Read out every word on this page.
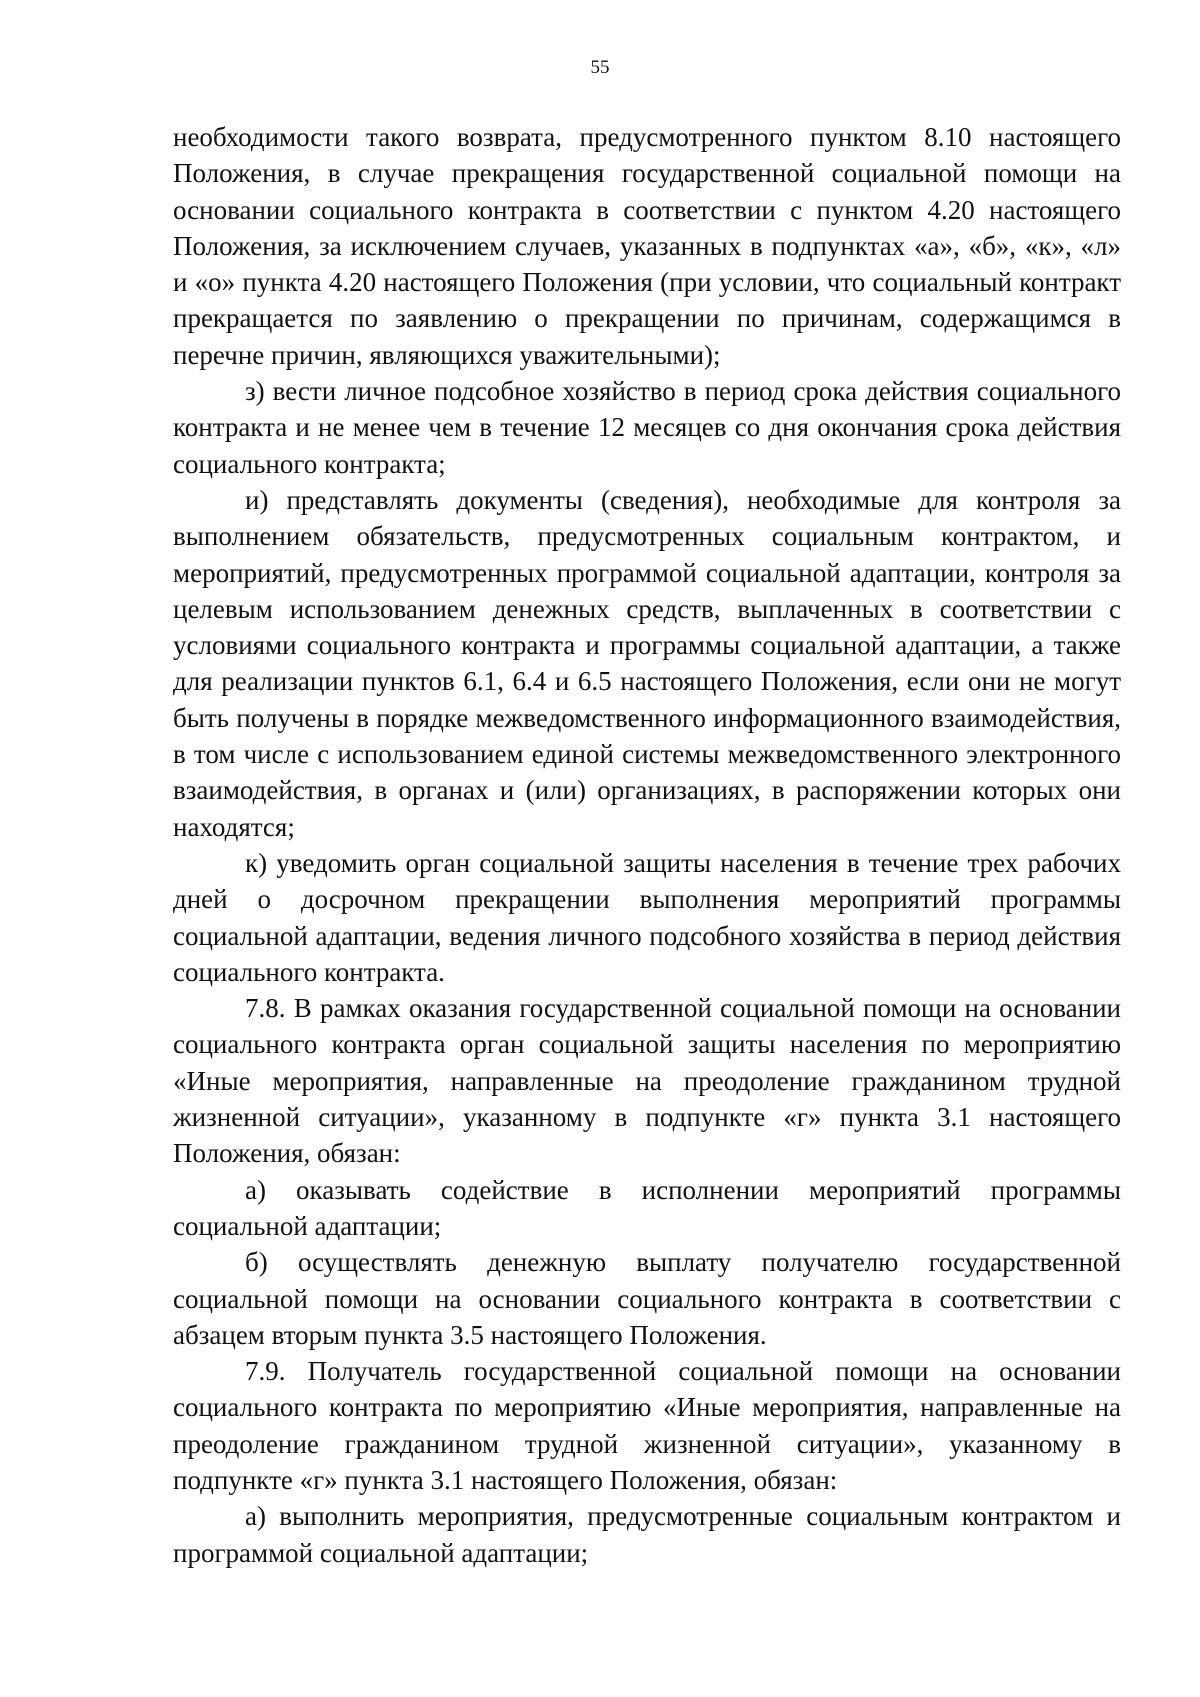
55

необходимости такого возврата, предусмотренного пунктом 8.10 настоящего Положения, в случае прекращения государственной социальной помощи на основании социального контракта в соответствии с пунктом 4.20 настоящего Положения, за исключением случаев, указанных в подпунктах «а», «б», «к», «л» и «о» пункта 4.20 настоящего Положения (при условии, что социальный контракт прекращается по заявлению о прекращении по причинам, содержащимся в перечне причин, являющихся уважительными);

з) вести личное подсобное хозяйство в период срока действия социального контракта и не менее чем в течение 12 месяцев со дня окончания срока действия социального контракта;

и) представлять документы (сведения), необходимые для контроля за выполнением обязательств, предусмотренных социальным контрактом, и мероприятий, предусмотренных программой социальной адаптации, контроля за целевым использованием денежных средств, выплаченных в соответствии с условиями социального контракта и программы социальной адаптации, а также для реализации пунктов 6.1, 6.4 и 6.5 настоящего Положения, если они не могут быть получены в порядке межведомственного информационного взаимодействия, в том числе с использованием единой системы межведомственного электронного взаимодействия, в органах и (или) организациях, в распоряжении которых они находятся;

к) уведомить орган социальной защиты населения в течение трех рабочих дней о досрочном прекращении выполнения мероприятий программы социальной адаптации, ведения личного подсобного хозяйства в период действия социального контракта.

7.8. В рамках оказания государственной социальной помощи на основании социального контракта орган социальной защиты населения по мероприятию «Иные мероприятия, направленные на преодоление гражданином трудной жизненной ситуации», указанному в подпункте «г» пункта 3.1 настоящего Положения, обязан:

а) оказывать содействие в исполнении мероприятий программы социальной адаптации;

б) осуществлять денежную выплату получателю государственной социальной помощи на основании социального контракта в соответствии с абзацем вторым пункта 3.5 настоящего Положения.

7.9. Получатель государственной социальной помощи на основании социального контракта по мероприятию «Иные мероприятия, направленные на преодоление гражданином трудной жизненной ситуации», указанному в подпункте «г» пункта 3.1 настоящего Положения, обязан:

а) выполнить мероприятия, предусмотренные социальным контрактом и программой социальной адаптации;
